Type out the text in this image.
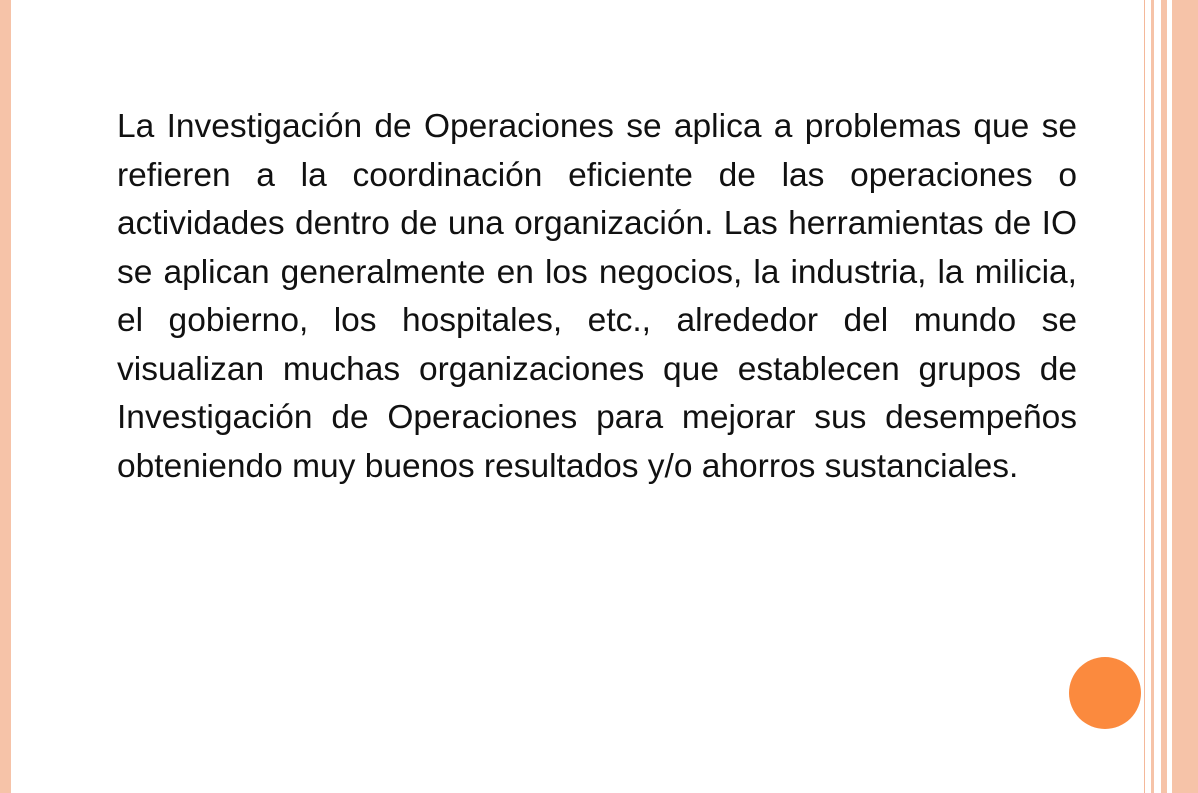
La Investigación de Operaciones se aplica a problemas que se refieren a la coordinación eficiente de las operaciones o actividades dentro de una organización. Las herramientas de IO se aplican generalmente en los negocios, la industria, la milicia, el gobierno, los hospitales, etc., alrededor del mundo se visualizan muchas organizaciones que establecen grupos de Investigación de Operaciones para mejorar sus desempeños obteniendo muy buenos resultados y/o ahorros sustanciales.
